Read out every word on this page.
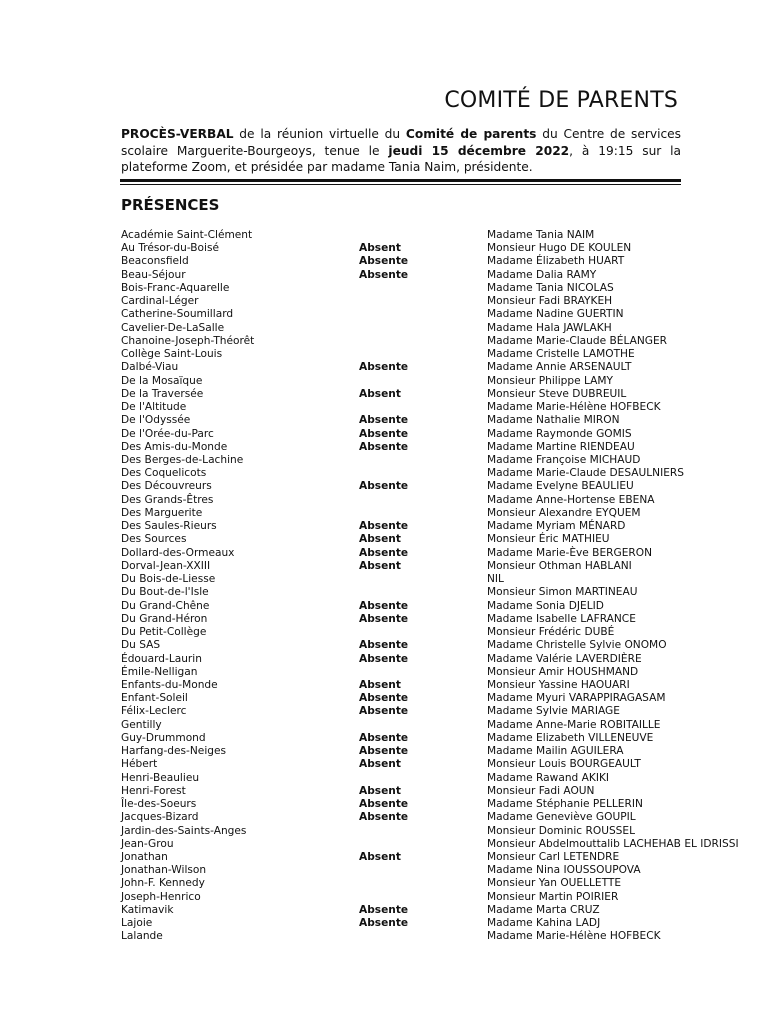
COMITÉ DE PARENTS
PROCÈS-VERBAL de la réunion virtuelle du Comité de parents du Centre de services scolaire Marguerite-Bourgeoys, tenue le jeudi 15 décembre 2022, à 19:15 sur la plateforme Zoom, et présidée par madame Tania Naim, présidente.
PRÉSENCES
Académie Saint-Clément	Madame Tania NAIM
Au Trésor-du-Boisé	Absent	Monsieur Hugo DE KOULEN
Beaconsfield	Absente	Madame Élizabeth HUART
Beau-Séjour	Absente	Madame Dalia RAMY
Bois-Franc-Aquarelle	Madame Tania NICOLAS
Cardinal-Léger	Monsieur Fadi BRAYKEH
Catherine-Soumillard	Madame Nadine GUERTIN
Cavelier-De-LaSalle	Madame Hala JAWLAKH
Chanoine-Joseph-Théorêt	Madame Marie-Claude BÉLANGER
Collège Saint-Louis	Madame Cristelle LAMOTHE
Dalbé-Viau	Absente	Madame Annie ARSENAULT
De la Mosaïque	Monsieur Philippe LAMY
De la Traversée	Absent	Monsieur Steve DUBREUIL
De l'Altitude	Madame Marie-Hélène HOFBECK
De l'Odyssée	Absente	Madame Nathalie MIRON
De l'Orée-du-Parc	Absente	Madame Raymonde GOMIS
Des Amis-du-Monde	Absente	Madame Martine RIENDEAU
Des Berges-de-Lachine	Madame Françoise MICHAUD
Des Coquelicots	Madame Marie-Claude DESAULNIERS
Des Découvreurs	Absente	Madame Evelyne BEAULIEU
Des Grands-Êtres	Madame Anne-Hortense EBENA
Des Marguerite	Monsieur Alexandre EYQUEM
Des Saules-Rieurs	Absente	Madame Myriam MÉNARD
Des Sources	Absent	Monsieur Éric MATHIEU
Dollard-des-Ormeaux	Absente	Madame Marie-Ève BERGERON
Dorval-Jean-XXIII	Absent	Monsieur Othman HABLANI
Du Bois-de-Liesse	NIL
Du Bout-de-l'Isle	Monsieur Simon MARTINEAU
Du Grand-Chêne	Absente	Madame Sonia DJELID
Du Grand-Héron	Absente	Madame Isabelle LAFRANCE
Du Petit-Collège	Monsieur Frédéric DUBÉ
Du SAS	Absente	Madame Christelle Sylvie ONOMO
Édouard-Laurin	Absente	Madame Valérie LAVERDIÈRE
Émile-Nelligan	Monsieur Amir HOUSHMAND
Enfants-du-Monde	Absent	Monsieur Yassine HAOUARI
Enfant-Soleil	Absente	Madame Myuri VARAPPIRAGASAM
Félix-Leclerc	Absente	Madame Sylvie MARIAGE
Gentilly	Madame Anne-Marie ROBITAILLE
Guy-Drummond	Absente	Madame Elizabeth VILLENEUVE
Harfang-des-Neiges	Absente	Madame Mailin AGUILERA
Hébert	Absent	Monsieur Louis BOURGEAULT
Henri-Beaulieu	Madame Rawand AKIKI
Henri-Forest	Absent	Monsieur Fadi AOUN
Île-des-Soeurs	Absente	Madame Stéphanie PELLERIN
Jacques-Bizard	Absente	Madame Geneviève GOUPIL
Jardin-des-Saints-Anges	Monsieur Dominic ROUSSEL
Jean-Grou	Monsieur Abdelmouttalib LACHEHAB EL IDRISSI
Jonathan	Absent	Monsieur Carl LETENDRE
Jonathan-Wilson	Madame Nina IOUSSOUPOVA
John-F. Kennedy	Monsieur Yan OUELLETTE
Joseph-Henrico	Monsieur Martin POIRIER
Katimavik	Absente	Madame Marta CRUZ
Lajoie	Absente	Madame Kahina LADJ
Lalande	Madame Marie-Hélène HOFBECK
